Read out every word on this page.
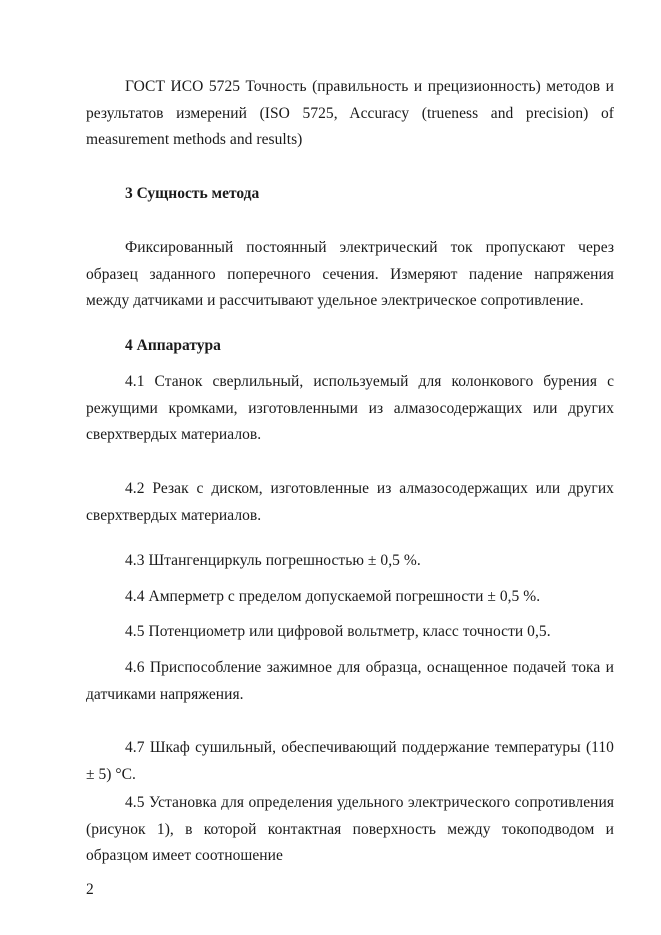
ГОСТ ИСО 5725 Точность (правильность и прецизионность) методов и результатов измерений (ISO 5725, Accuracy (trueness and precision) of measurement methods and results)

3 Сущность метода

Фиксированный постоянный электрический ток пропускают через образец заданного поперечного сечения. Измеряют падение напряжения между датчиками и рассчитывают удельное электрическое сопротивление.

4 Аппаратура

4.1 Станок сверлильный, используемый для колонкового бурения с режущими кромками, изготовленными из алмазосодержащих или других сверхтвердых материалов.

4.2 Резак с диском, изготовленные из алмазосодержащих или других сверхтвердых материалов.

4.3 Штангенциркуль погрешностью ± 0,5 %.

4.4 Амперметр с пределом допускаемой погрешности ± 0,5 %.

4.5 Потенциометр или цифровой вольтметр, класс точности 0,5.

4.6 Приспособление зажимное для образца, оснащенное подачей тока и датчиками напряжения.

4.7 Шкаф сушильный, обеспечивающий поддержание температуры (110 ± 5) °С.

4.5 Установка для определения удельного электрического сопротивления (рисунок 1), в которой контактная поверхность между токоподводом и образцом имеет соотношение

2
